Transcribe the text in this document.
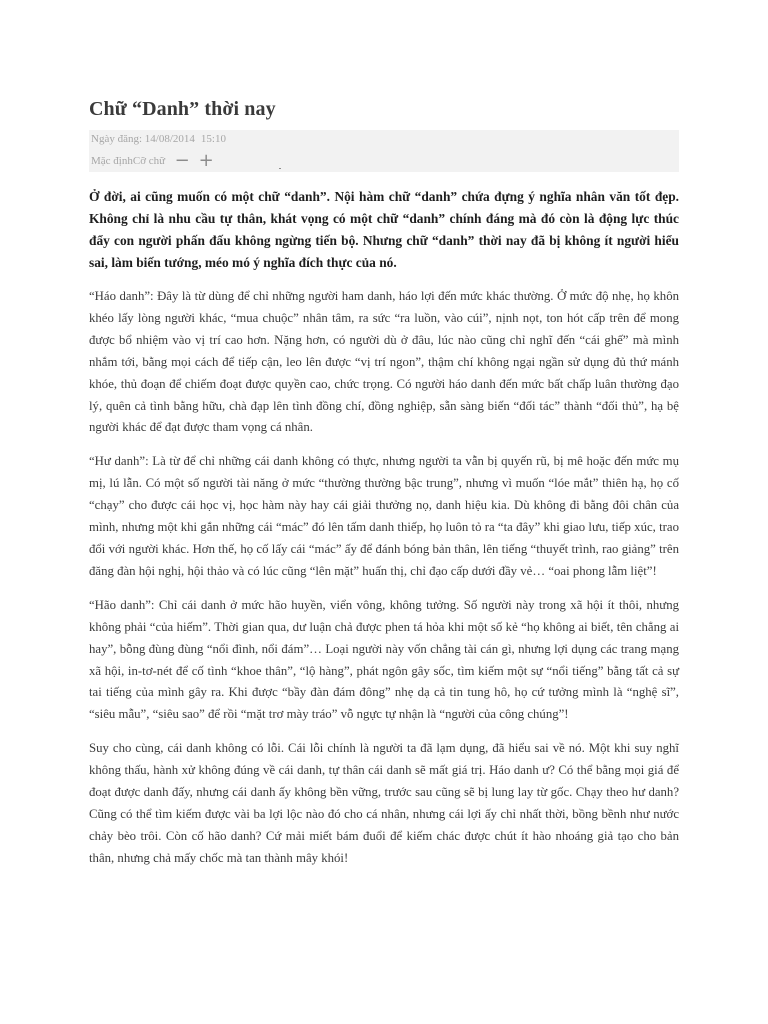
Chữ “Danh” thời nay
Ngày đăng: 14/08/2014 15:10
Mặc địnhCỡ chữ − +

Ở đời, ai cũng muốn có một chữ “danh”. Nội hàm chữ “danh” chứa đựng ý nghĩa nhân văn tốt đẹp. Không chỉ là nhu cầu tự thân, khát vọng có một chữ “danh” chính đáng mà đó còn là động lực thúc đẩy con người phấn đấu không ngừng tiến bộ. Nhưng chữ “danh” thời nay đã bị không ít người hiểu sai, làm biến tướng, méo mó ý nghĩa đích thực của nó.

“Háo danh”: Đây là từ dùng để chỉ những người ham danh, háo lợi đến mức khác thường. Ở mức độ nhẹ, họ khôn khéo lấy lòng người khác, “mua chuộc” nhân tâm, ra sức “ra luồn, vào cúi”, nịnh nọt, ton hót cấp trên để mong được bổ nhiệm vào vị trí cao hơn. Nặng hơn, có người dù ở đâu, lúc nào cũng chỉ nghĩ đến “cái ghế” mà mình nhắm tới, bằng mọi cách để tiếp cận, leo lên được “vị trí ngon”, thậm chí không ngại ngần sử dụng đủ thứ mánh khóe, thủ đoạn để chiếm đoạt được quyền cao, chức trọng. Có người háo danh đến mức bất chấp luân thường đạo lý, quên cả tình bằng hữu, chà đạp lên tình đồng chí, đồng nghiệp, sẵn sàng biến “đối tác” thành “đối thủ”, hạ bệ người khác để đạt được tham vọng cá nhân.

“Hư danh”: Là từ để chỉ những cái danh không có thực, nhưng người ta vẫn bị quyến rũ, bị mê hoặc đến mức mụ mị, lú lẫn. Có một số người tài năng ở mức “thường thường bậc trung”, nhưng vì muốn “lóe mắt” thiên hạ, họ cố “chạy” cho được cái học vị, học hàm này hay cái giải thưởng nọ, danh hiệu kia. Dù không đi bằng đôi chân của mình, nhưng một khi gắn những cái “mác” đó lên tấm danh thiếp, họ luôn tỏ ra “ta đây” khi giao lưu, tiếp xúc, trao đổi với người khác. Hơn thế, họ cố lấy cái “mác” ấy để đánh bóng bản thân, lên tiếng “thuyết trình, rao giảng” trên đăng đàn hội nghị, hội thảo và có lúc cũng “lên mặt” huấn thị, chỉ đạo cấp dưới đầy vẻ… “oai phong lẫm liệt”!

“Hão danh”: Chỉ cái danh ở mức hão huyền, viển vông, không tưởng. Số người này trong xã hội ít thôi, nhưng không phải “của hiếm”. Thời gian qua, dư luận chả được phen tá hỏa khi một số kẻ “họ không ai biết, tên chẳng ai hay”, bỗng đùng đùng “nổi đình, nổi đám”… Loại người này vốn chẳng tài cán gì, nhưng lợi dụng các trang mạng xã hội, in-tơ-nét để cố tình “khoe thân”, “lộ hàng”, phát ngôn gây sốc, tìm kiếm một sự “nổi tiếng” bằng tất cả sự tai tiếng của mình gây ra. Khi được “bầy đàn đám đông” nhẹ dạ cả tin tung hô, họ cứ tưởng mình là “nghệ sĩ”, “siêu mẫu”, “siêu sao” để rồi “mặt trơ mày tráo” vỗ ngực tự nhận là “người của công chúng”!

Suy cho cùng, cái danh không có lỗi. Cái lỗi chính là người ta đã lạm dụng, đã hiểu sai về nó. Một khi suy nghĩ không thấu, hành xử không đúng về cái danh, tự thân cái danh sẽ mất giá trị. Háo danh ư? Có thể bằng mọi giá để đoạt được danh đấy, nhưng cái danh ấy không bền vững, trước sau cũng sẽ bị lung lay từ gốc. Chạy theo hư danh? Cũng có thể tìm kiếm được vài ba lợi lộc nào đó cho cá nhân, nhưng cái lợi ấy chỉ nhất thời, bồng bềnh như nước chảy bèo trôi. Còn cố hão danh? Cứ mải miết bám đuổi để kiếm chác được chút ít hào nhoáng giả tạo cho bản thân, nhưng chả mấy chốc mà tan thành mây khói!
